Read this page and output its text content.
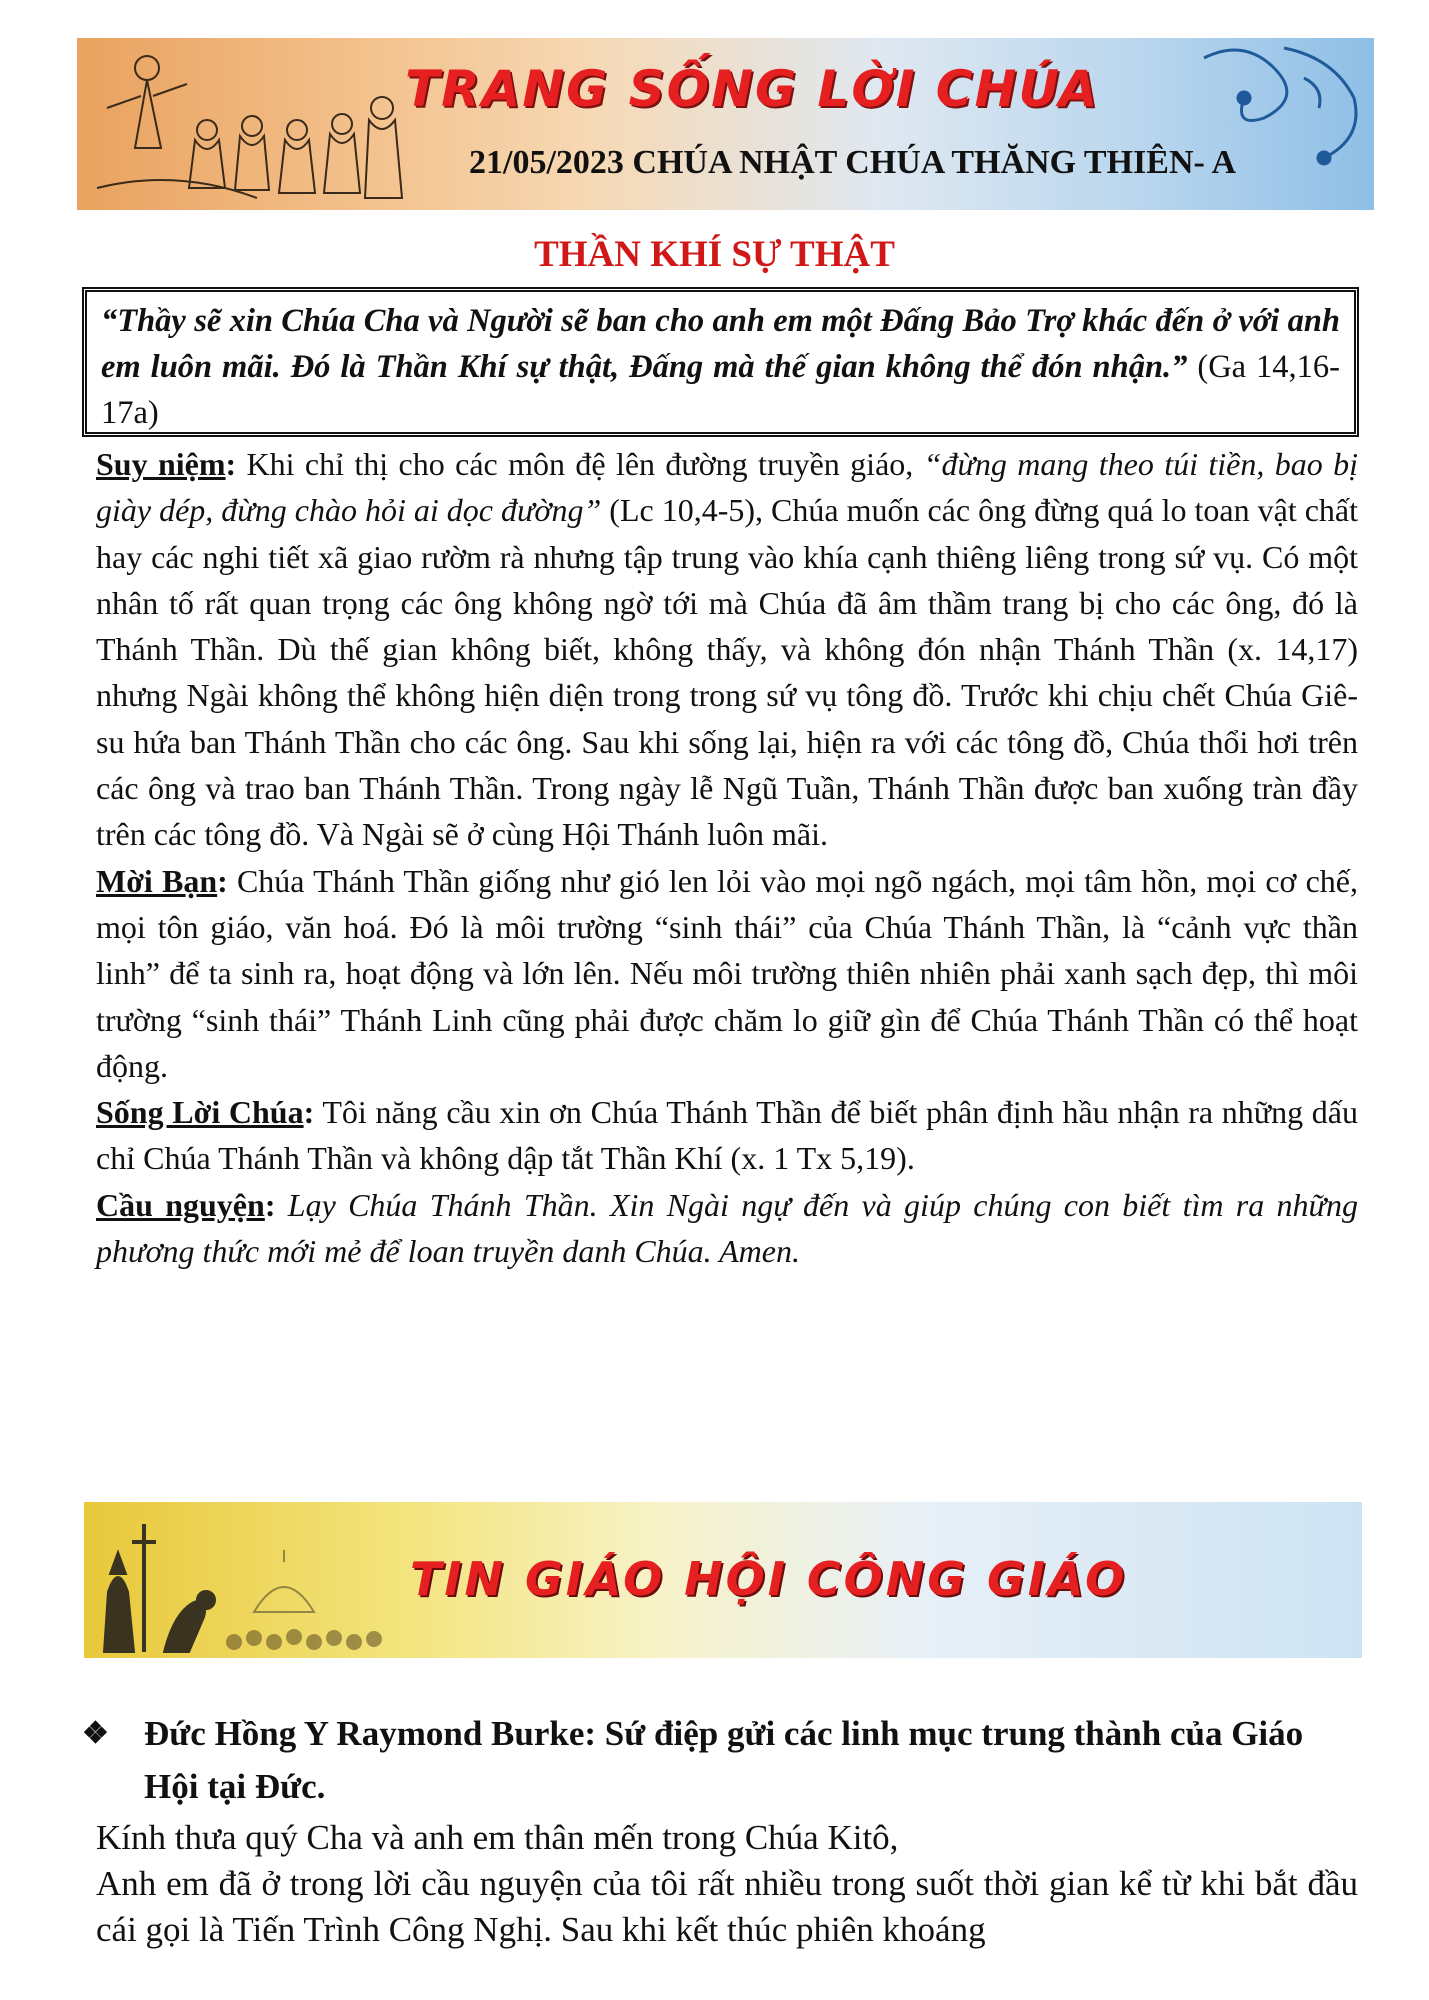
TRANG SỐNG LỜI CHÚA
21/05/2023 CHÚA NHẬT CHÚA THĂNG THIÊN- A
THẦN KHÍ SỰ THẬT
“Thầy sẽ xin Chúa Cha và Người sẽ ban cho anh em một Đấng Bảo Trợ khác đến ở với anh em luôn mãi. Đó là Thần Khí sự thật, Đấng mà thế gian không thể đón nhận.” (Ga 14,16-17a)

Suy niệm: Khi chỉ thị cho các môn đệ lên đường truyền giáo, “đừng mang theo túi tiền, bao bị giày dép, đừng chào hỏi ai dọc đường” (Lc 10,4-5), Chúa muốn các ông đừng quá lo toan vật chất hay các nghi tiết xã giao rườm rà nhưng tập trung vào khía cạnh thiêng liêng trong sứ vụ. Có một nhân tố rất quan trọng các ông không ngờ tới mà Chúa đã âm thầm trang bị cho các ông, đó là Thánh Thần. Dù thế gian không biết, không thấy, và không đón nhận Thánh Thần (x. 14,17) nhưng Ngài không thể không hiện diện trong trong sứ vụ tông đồ. Trước khi chịu chết Chúa Giê-su hứa ban Thánh Thần cho các ông. Sau khi sống lại, hiện ra với các tông đồ, Chúa thổi hơi trên các ông và trao ban Thánh Thần. Trong ngày lễ Ngũ Tuần, Thánh Thần được ban xuống tràn đầy trên các tông đồ. Và Ngài sẽ ở cùng Hội Thánh luôn mãi.

Mời Bạn: Chúa Thánh Thần giống như gió len lỏi vào mọi ngõ ngách, mọi tâm hồn, mọi cơ chế, mọi tôn giáo, văn hoá. Đó là môi trường “sinh thái” của Chúa Thánh Thần, là “cảnh vực thần linh” để ta sinh ra, hoạt động và lớn lên. Nếu môi trường thiên nhiên phải xanh sạch đẹp, thì môi trường “sinh thái” Thánh Linh cũng phải được chăm lo giữ gìn để Chúa Thánh Thần có thể hoạt động.

Sống Lời Chúa: Tôi năng cầu xin ơn Chúa Thánh Thần để biết phân định hầu nhận ra những dấu chỉ Chúa Thánh Thần và không dập tắt Thần Khí (x. 1 Tx 5,19).

Cầu nguyện: Lạy Chúa Thánh Thần. Xin Ngài ngự đến và giúp chúng con biết tìm ra những phương thức mới mẻ để loan truyền danh Chúa. Amen.

TIN GIÁO HỘI CÔNG GIÁO
❖	Đức Hồng Y Raymond Burke: Sứ điệp gửi các linh mục trung thành của Giáo Hội tại Đức.

Kính thưa quý Cha và anh em thân mến trong Chúa Kitô,

Anh em đã ở trong lời cầu nguyện của tôi rất nhiều trong suốt thời gian kể từ khi bắt đầu cái gọi là Tiến Trình Công Nghị. Sau khi kết thúc phiên khoáng
